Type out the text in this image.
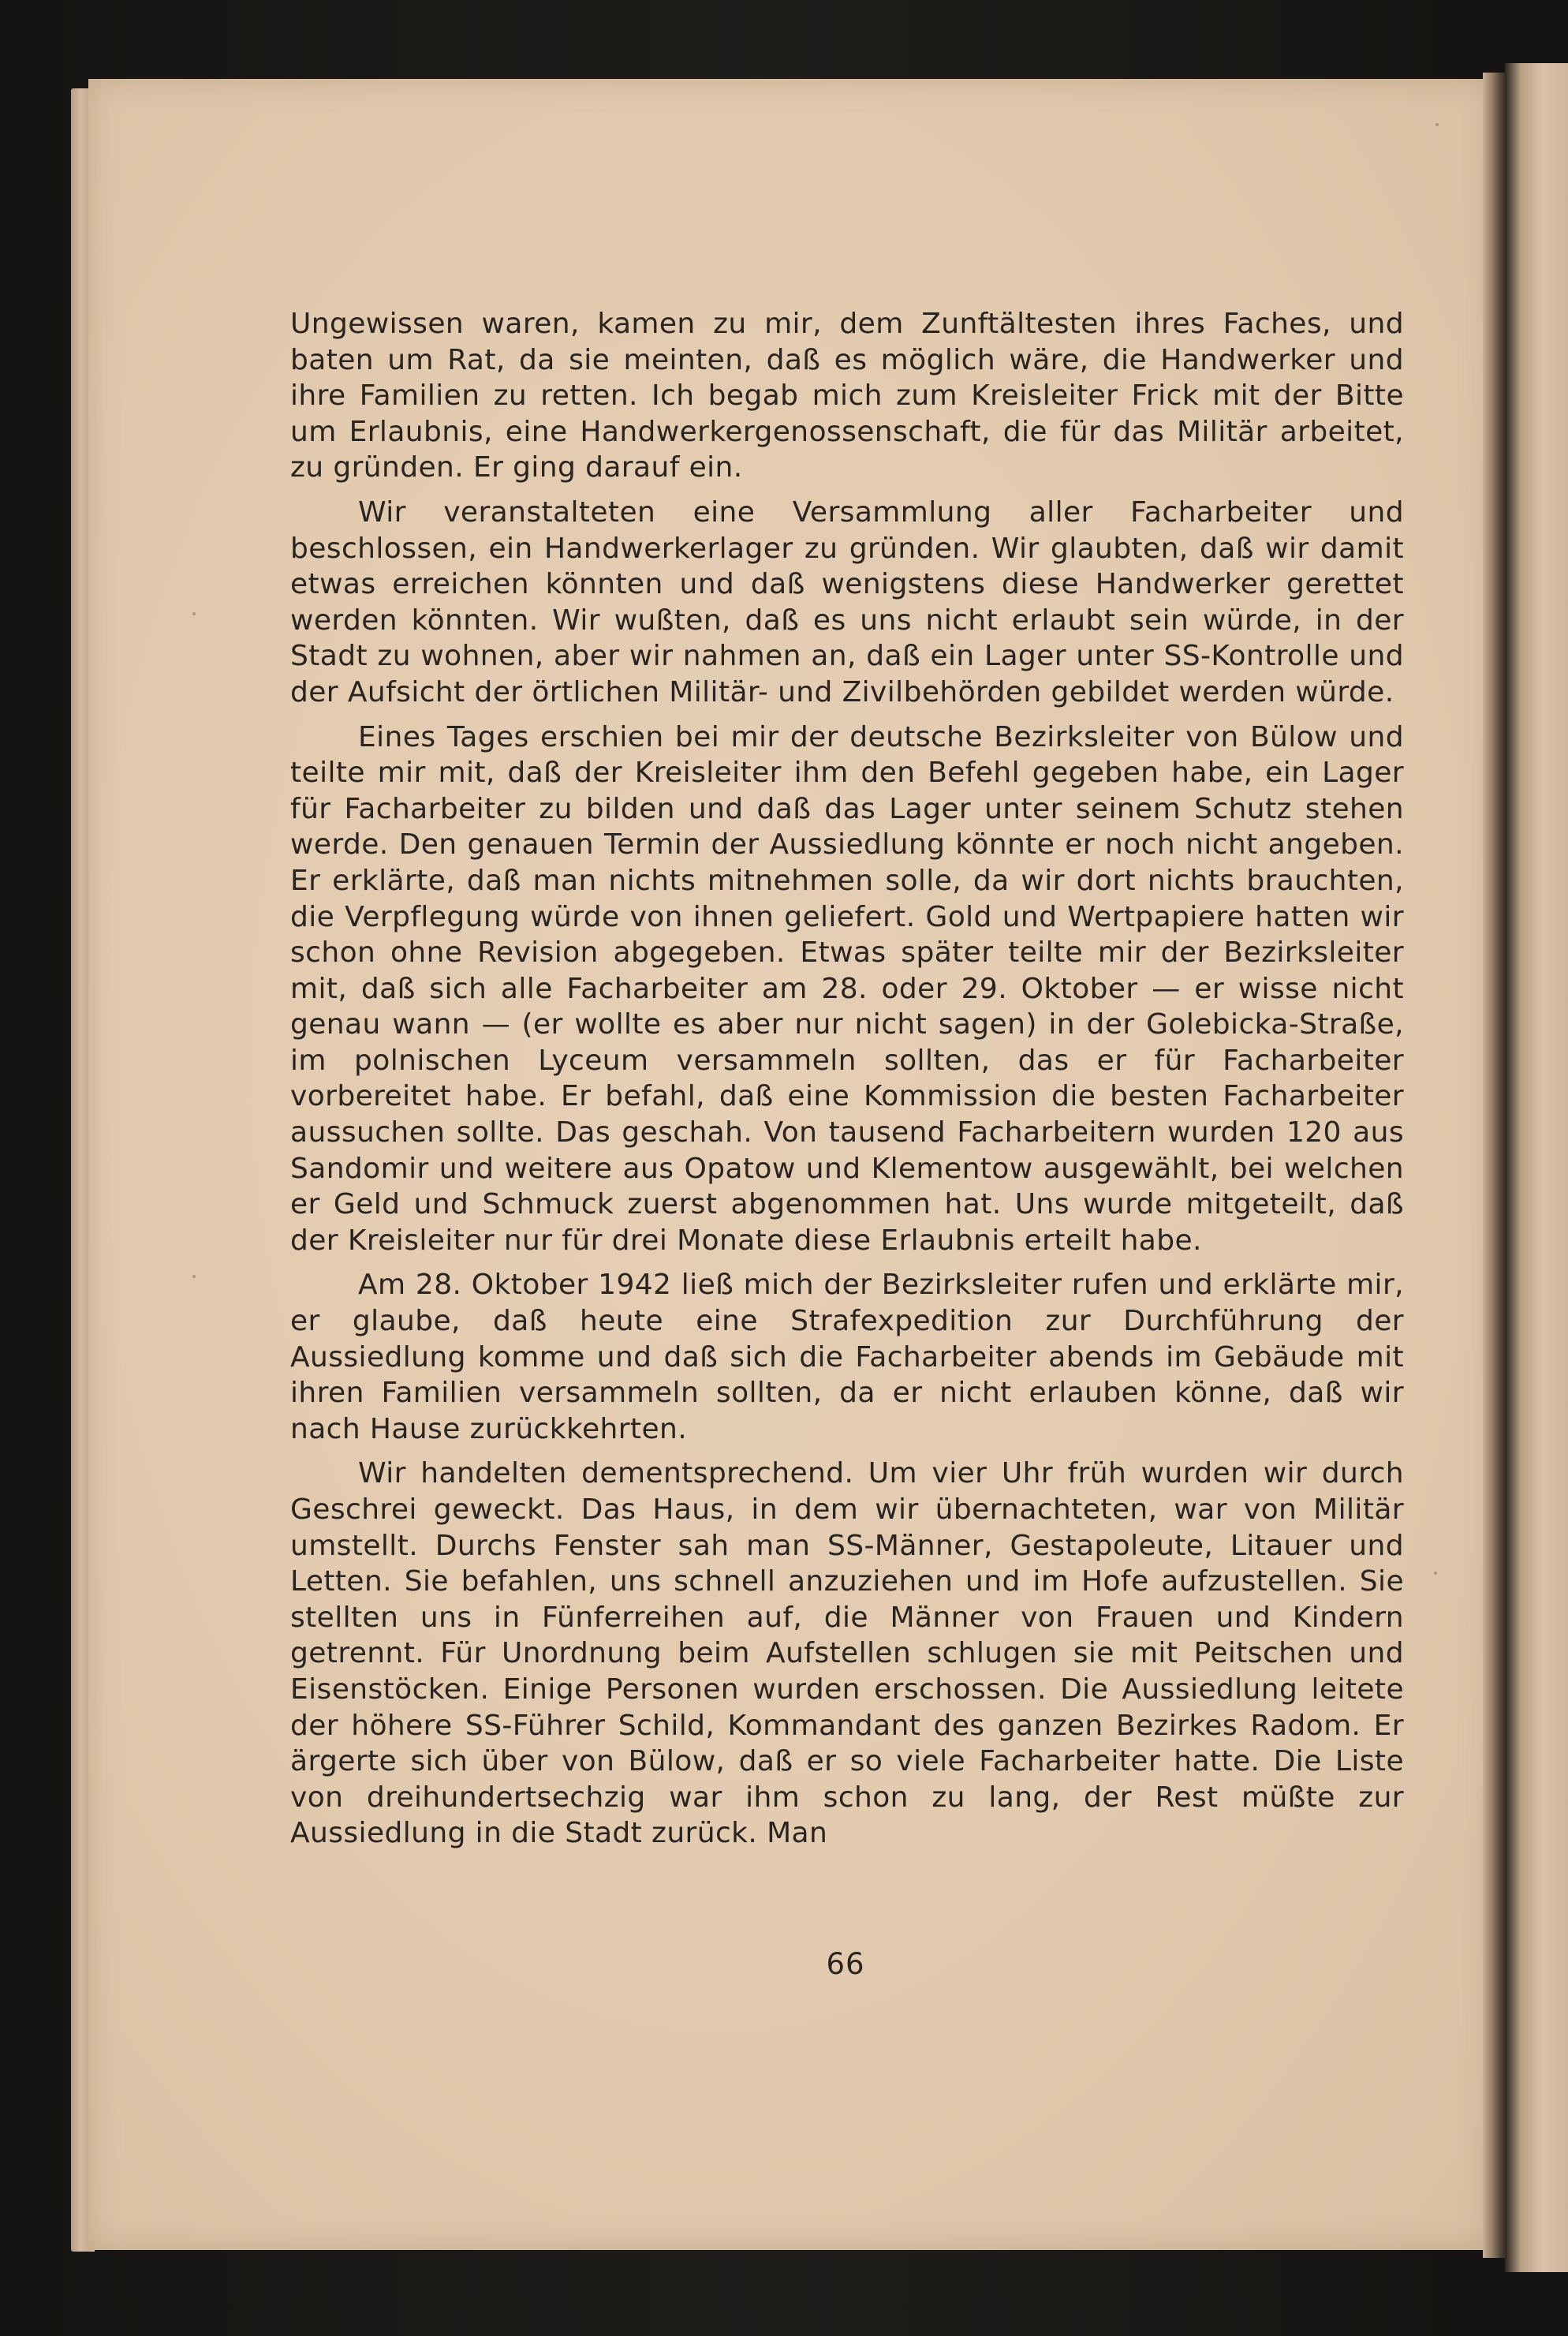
Ungewissen waren, kamen zu mir, dem Zunftältesten ihres Faches, und baten um Rat, da sie meinten, daß es möglich wäre, die Handwerker und ihre Familien zu retten. Ich begab mich zum Kreisleiter Frick mit der Bitte um Erlaubnis, eine Handwerkergenossenschaft, die für das Militär arbeitet, zu gründen. Er ging darauf ein.

Wir veranstalteten eine Versammlung aller Facharbeiter und beschlossen, ein Handwerkerlager zu gründen. Wir glaubten, daß wir damit etwas erreichen könnten und daß wenigstens diese Handwerker gerettet werden könnten. Wir wußten, daß es uns nicht erlaubt sein würde, in der Stadt zu wohnen, aber wir nahmen an, daß ein Lager unter SS-Kontrolle und der Aufsicht der örtlichen Militär- und Zivilbehörden gebildet werden würde.

Eines Tages erschien bei mir der deutsche Bezirksleiter von Bülow und teilte mir mit, daß der Kreisleiter ihm den Befehl gegeben habe, ein Lager für Facharbeiter zu bilden und daß das Lager unter seinem Schutz stehen werde. Den genauen Termin der Aussiedlung könnte er noch nicht angeben. Er erklärte, daß man nichts mitnehmen solle, da wir dort nichts brauchten, die Verpflegung würde von ihnen geliefert. Gold und Wertpapiere hatten wir schon ohne Revision abgegeben. Etwas später teilte mir der Bezirksleiter mit, daß sich alle Facharbeiter am 28. oder 29. Oktober — er wisse nicht genau wann — (er wollte es aber nur nicht sagen) in der Golebicka-Straße, im polnischen Lyceum versammeln sollten, das er für Facharbeiter vorbereitet habe. Er befahl, daß eine Kommission die besten Facharbeiter aussuchen sollte. Das geschah. Von tausend Facharbeitern wurden 120 aus Sandomir und weitere aus Opatow und Klementow ausgewählt, bei welchen er Geld und Schmuck zuerst abgenommen hat. Uns wurde mitgeteilt, daß der Kreisleiter nur für drei Monate diese Erlaubnis erteilt habe.

Am 28. Oktober 1942 ließ mich der Bezirksleiter rufen und erklärte mir, er glaube, daß heute eine Strafexpedition zur Durchführung der Aussiedlung komme und daß sich die Facharbeiter abends im Gebäude mit ihren Familien versammeln sollten, da er nicht erlauben könne, daß wir nach Hause zurückkehrten.

Wir handelten dementsprechend. Um vier Uhr früh wurden wir durch Geschrei geweckt. Das Haus, in dem wir übernachteten, war von Militär umstellt. Durchs Fenster sah man SS-Männer, Gestapoleute, Litauer und Letten. Sie befahlen, uns schnell anzuziehen und im Hofe aufzustellen. Sie stellten uns in Fünferreihen auf, die Männer von Frauen und Kindern getrennt. Für Unordnung beim Aufstellen schlugen sie mit Peitschen und Eisenstöcken. Einige Personen wurden erschossen. Die Aussiedlung leitete der höhere SS-Führer Schild, Kommandant des ganzen Bezirkes Radom. Er ärgerte sich über von Bülow, daß er so viele Facharbeiter hatte. Die Liste von dreihundertsechzig war ihm schon zu lang, der Rest müßte zur Aussiedlung in die Stadt zurück. Man

66
